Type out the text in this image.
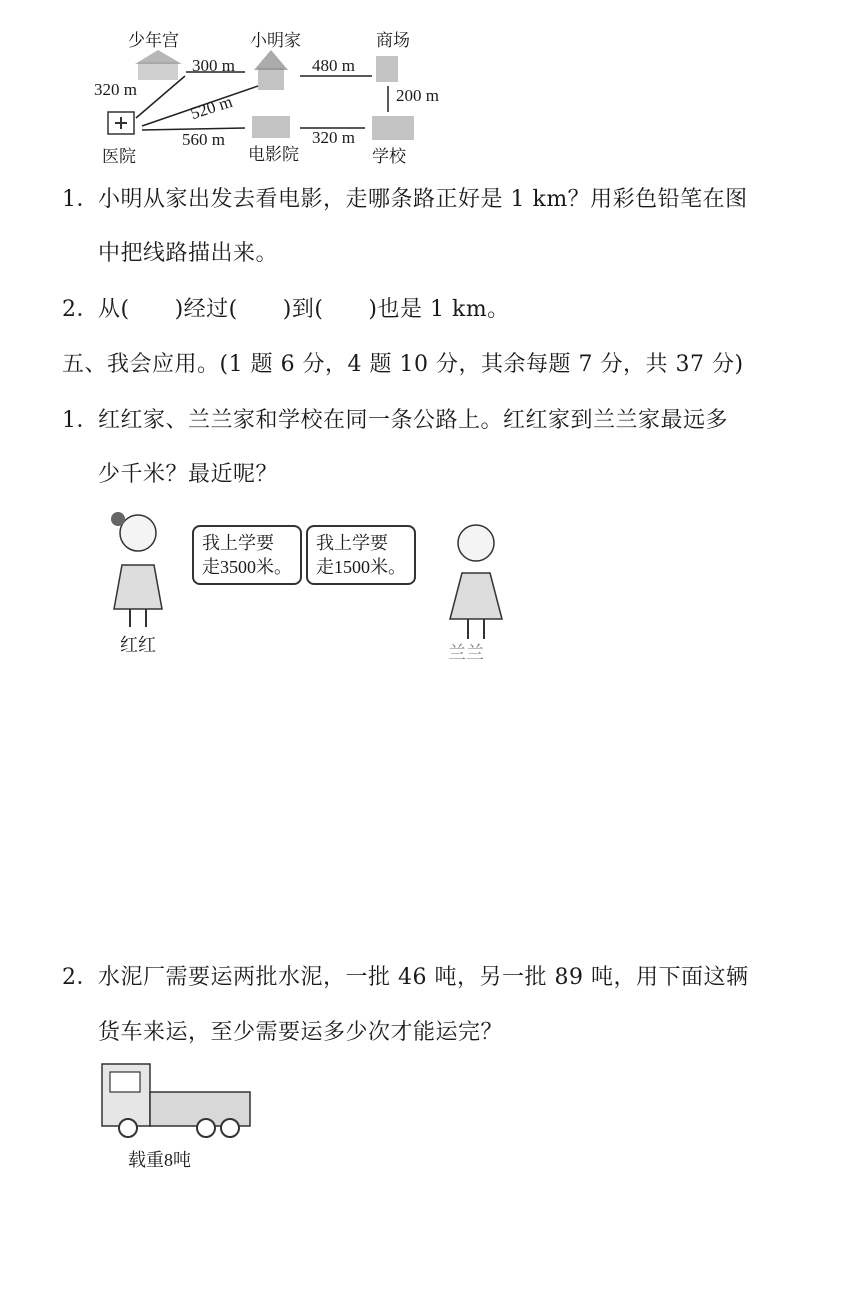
少年宫	小明家	商场
医院	电影院	学校
300 m	480 m
200 m
320 m
520 m
560 m	320 m
1． 小明从家出发去看电影，走哪条路正好是 1 km？用彩色铅笔在图
中把线路描出来。
2． 从(　　)经过(　　)到(　　)也是 1 km。
五、我会应用。(1 题 6 分，4 题 10 分，其余每题 7 分，共 37 分)
1． 红红家、兰兰家和学校在同一条公路上。红红家到兰兰家最远多
少千米？最近呢？
红红
我上学要
走3500米。
我上学要
走1500米。
兰兰
2． 水泥厂需要运两批水泥，一批 46 吨，另一批 89 吨，用下面这辆
货车来运，至少需要运多少次才能运完？
载重8吨
